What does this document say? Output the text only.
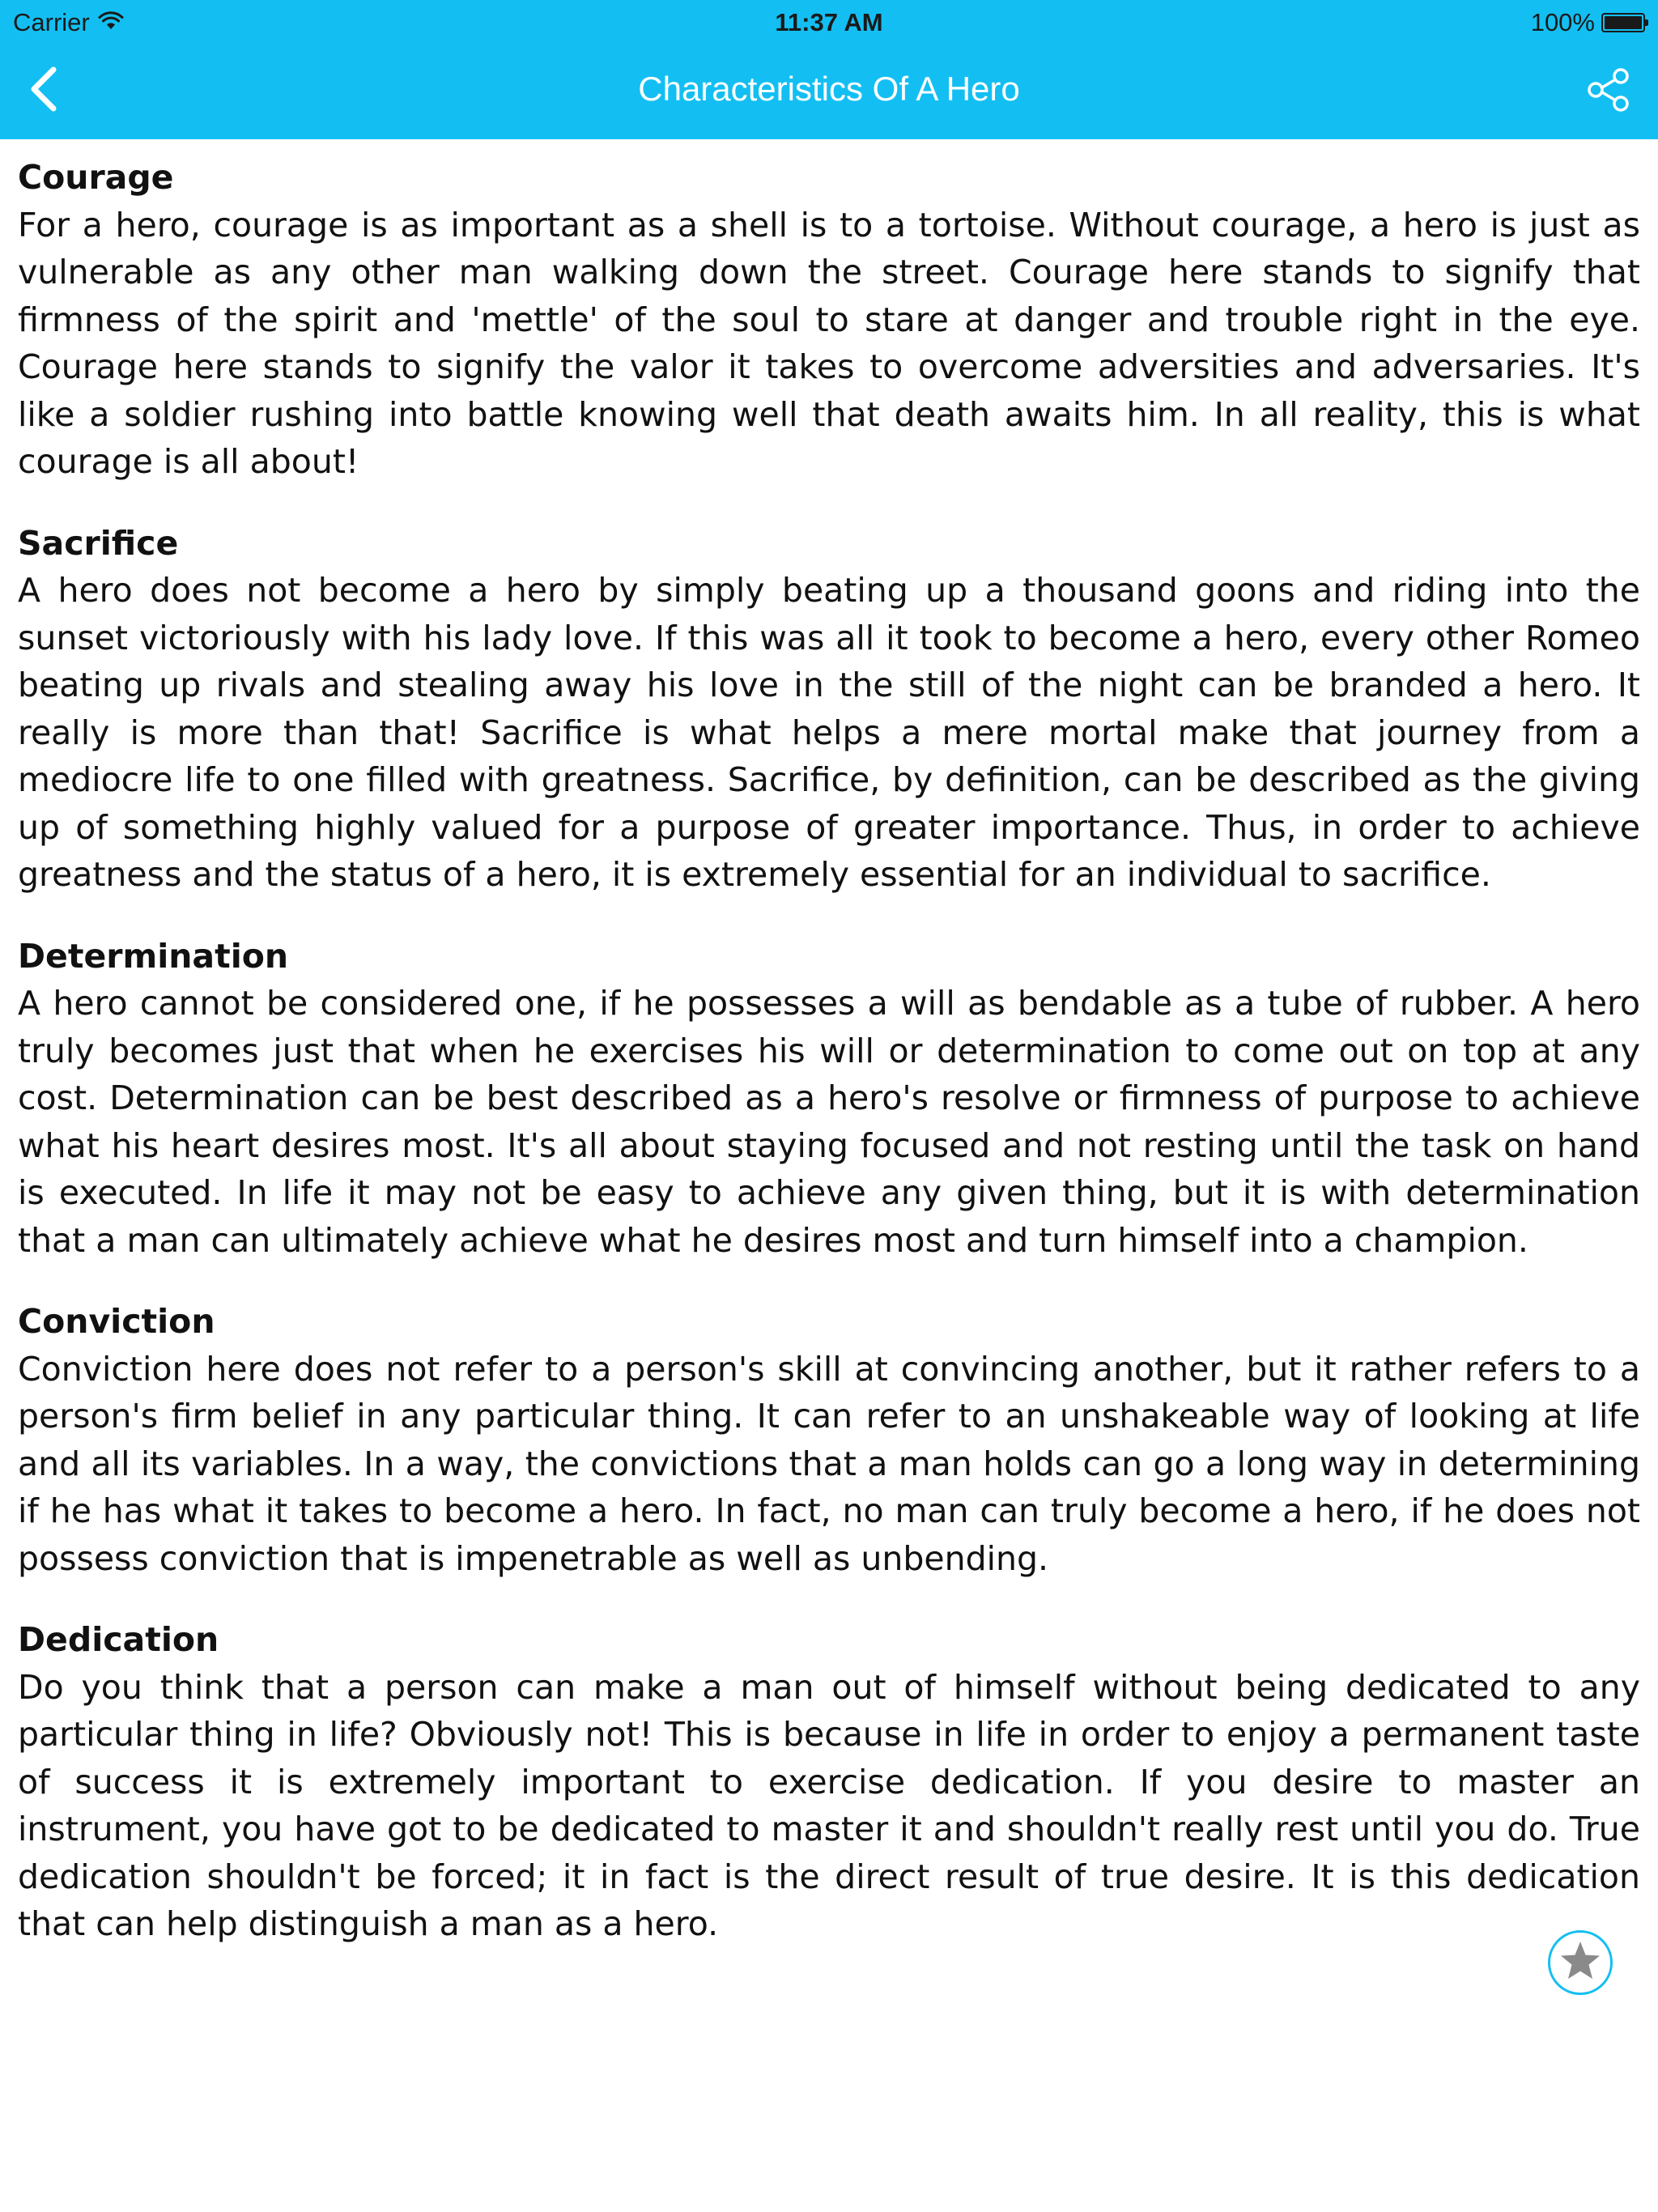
Carrier	11:37 AM	100%
Characteristics Of A Hero
Courage

For a hero, courage is as important as a shell is to a tortoise. Without courage, a hero is just as vulnerable as any other man walking down the street. Courage here stands to signify that firmness of the spirit and 'mettle' of the soul to stare at danger and trouble right in the eye. Courage here stands to signify the valor it takes to overcome adversities and adversaries. It's like a soldier rushing into battle knowing well that death awaits him. In all reality, this is what courage is all about!

Sacrifice

A hero does not become a hero by simply beating up a thousand goons and riding into the sunset victoriously with his lady love. If this was all it took to become a hero, every other Romeo beating up rivals and stealing away his love in the still of the night can be branded a hero. It really is more than that! Sacrifice is what helps a mere mortal make that journey from a mediocre life to one filled with greatness. Sacrifice, by definition, can be described as the giving up of something highly valued for a purpose of greater importance. Thus, in order to achieve greatness and the status of a hero, it is extremely essential for an individual to sacrifice.

Determination

A hero cannot be considered one, if he possesses a will as bendable as a tube of rubber. A hero truly becomes just that when he exercises his will or determination to come out on top at any cost. Determination can be best described as a hero's resolve or firmness of purpose to achieve what his heart desires most. It's all about staying focused and not resting until the task on hand is executed. In life it may not be easy to achieve any given thing, but it is with determination that a man can ultimately achieve what he desires most and turn himself into a champion.

Conviction

Conviction here does not refer to a person's skill at convincing another, but it rather refers to a person's firm belief in any particular thing. It can refer to an unshakeable way of looking at life and all its variables. In a way, the convictions that a man holds can go a long way in determining if he has what it takes to become a hero. In fact, no man can truly become a hero, if he does not possess conviction that is impenetrable as well as unbending.

Dedication

Do you think that a person can make a man out of himself without being dedicated to any particular thing in life? Obviously not! This is because in life in order to enjoy a permanent taste of success it is extremely important to exercise dedication. If you desire to master an instrument, you have got to be dedicated to master it and shouldn't really rest until you do. True dedication shouldn't be forced; it in fact is the direct result of true desire. It is this dedication that can help distinguish a man as a hero.
